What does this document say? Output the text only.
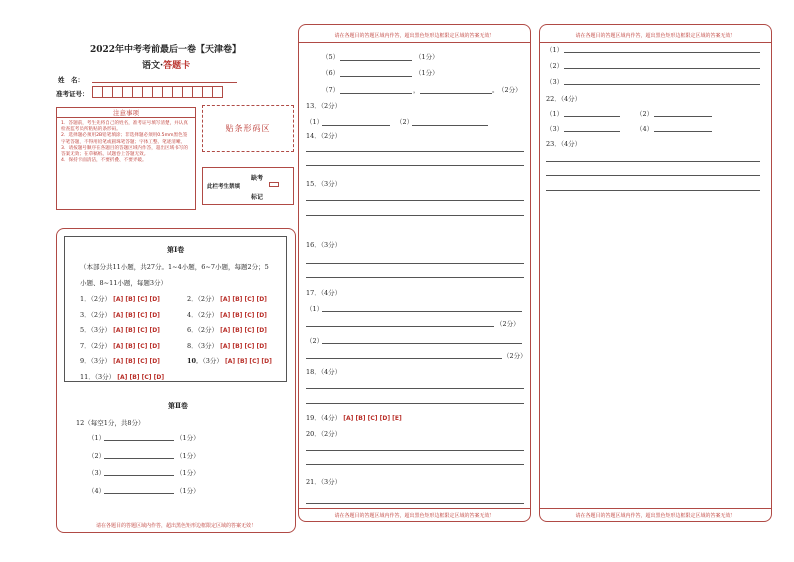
2022年中考考前最后一卷【天津卷】
语文·答题卡
姓　名：
准考证号：
注意事项
1．答题前，考生先将自己的姓名，准考证号填写清楚，并认真检查监考员所粘贴的条形码。
2．选择题必须用2B铅笔填涂；非选择题必须用0.5mm黑色签字笔答题，不得用铅笔或圆珠笔答题；字体工整、笔迹清晰。
3．请按题号顺序在各题目的答题区域内作答，超出区域书写的答案无效；在草稿纸、试题卷上答题无效。
4．保持卡面清洁，不要折叠、不要弄破。
贴条形码区
缺考
此栏考生禁填
标记
第Ⅰ卷
（本部分共11小题，共27分。1~4小题，6~7小题，每题2分；5
小题、8~11小题，每题3分）
1．（2分） [A] [B] [C] [D]	2．（2分） [A] [B] [C] [D]
3．（2分） [A] [B] [C] [D]	4．（2分） [A] [B] [C] [D]
5．（3分） [A] [B] [C] [D]	6．（2分） [A] [B] [C] [D]
7．（2分） [A] [B] [C] [D]	8．（3分） [A] [B] [C] [D]
9．（3分） [A] [B] [C] [D]	10．（3分） [A] [B] [C] [D]
11．（3分） [A] [B] [C] [D]
第Ⅱ卷
12（每空1分，共8分）
（1）	（1分）
（2）	（1分）
（3）	（1分）
（4）	（1分）
请在各题目的答题区域内作答，超出黑色矩形边框限定区域的答案无效！
请在各题目的答题区域内作答，超出黑色矩形边框限定区域的答案无效！
（5）	（1分）
（6）	（1分）
（7）	，	。 （2分）
13．（2分）
（1）	（2）
14．（2分）
15．（3分）
16．（3分）
17．（4分）
（1）
（2分）
（2）
（2分）
18．（4分）
19．（4分） [A] [B] [C] [D] [E]
20．（2分）
21．（3分）
请在各题目的答题区域内作答，超出黑色矩形边框限定区域的答案无效！
请在各题目的答题区域内作答，超出黑色矩形边框限定区域的答案无效！
（1）
（2）
（3）
22．（4分）
（1）	（2）
（3）	（4）
23．（4分）
请在各题目的答题区域内作答，超出黑色矩形边框限定区域的答案无效！
